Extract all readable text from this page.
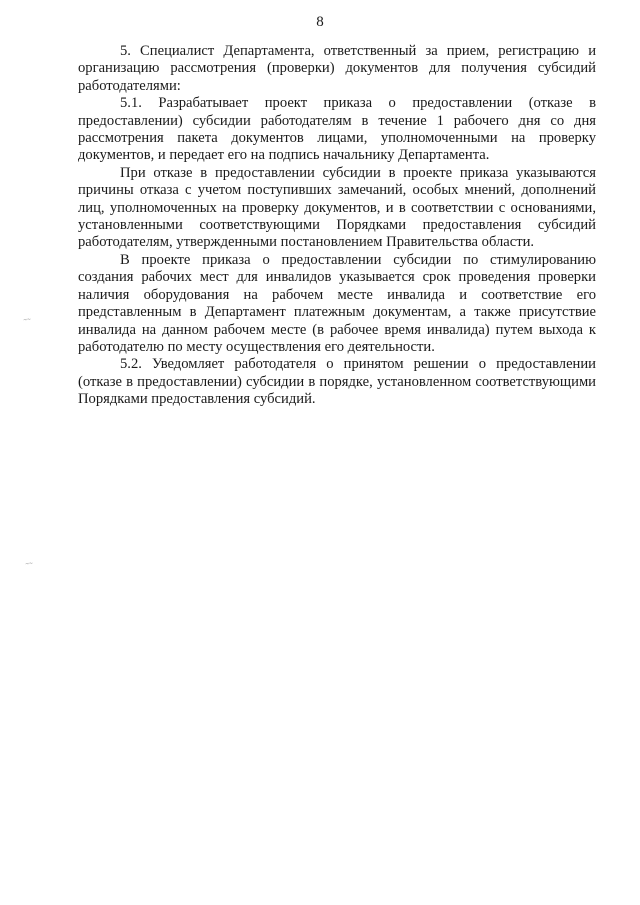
8

5. Специалист Департамента, ответственный за прием, регистрацию и организацию рассмотрения (проверки) документов для получения субсидий работодателями:

5.1. Разрабатывает проект приказа о предоставлении (отказе в предоставлении) субсидии работодателям в течение 1 рабочего дня со дня рассмотрения пакета документов лицами, уполномоченными на проверку документов, и передает его на подпись начальнику Департамента.

При отказе в предоставлении субсидии в проекте приказа указываются причины отказа с учетом поступивших замечаний, особых мнений, дополнений лиц, уполномоченных на проверку документов, и в соответствии с основаниями, установленными соответствующими Порядками предоставления субсидий работодателям, утвержденными постановлением Правительства области.

В проекте приказа о предоставлении субсидии по стимулированию создания рабочих мест для инвалидов указывается срок проведения проверки наличия оборудования на рабочем месте инвалида и соответствие его представленным в Департамент платежным документам, а также присутствие инвалида на данном рабочем месте (в рабочее время инвалида) путем выхода к работодателю по месту осуществления его деятельности.

5.2. Уведомляет работодателя о принятом решении о предоставлении (отказе в предоставлении) субсидии в порядке, установленном соответствующими Порядками предоставления субсидий.

˜˜
˜˜
